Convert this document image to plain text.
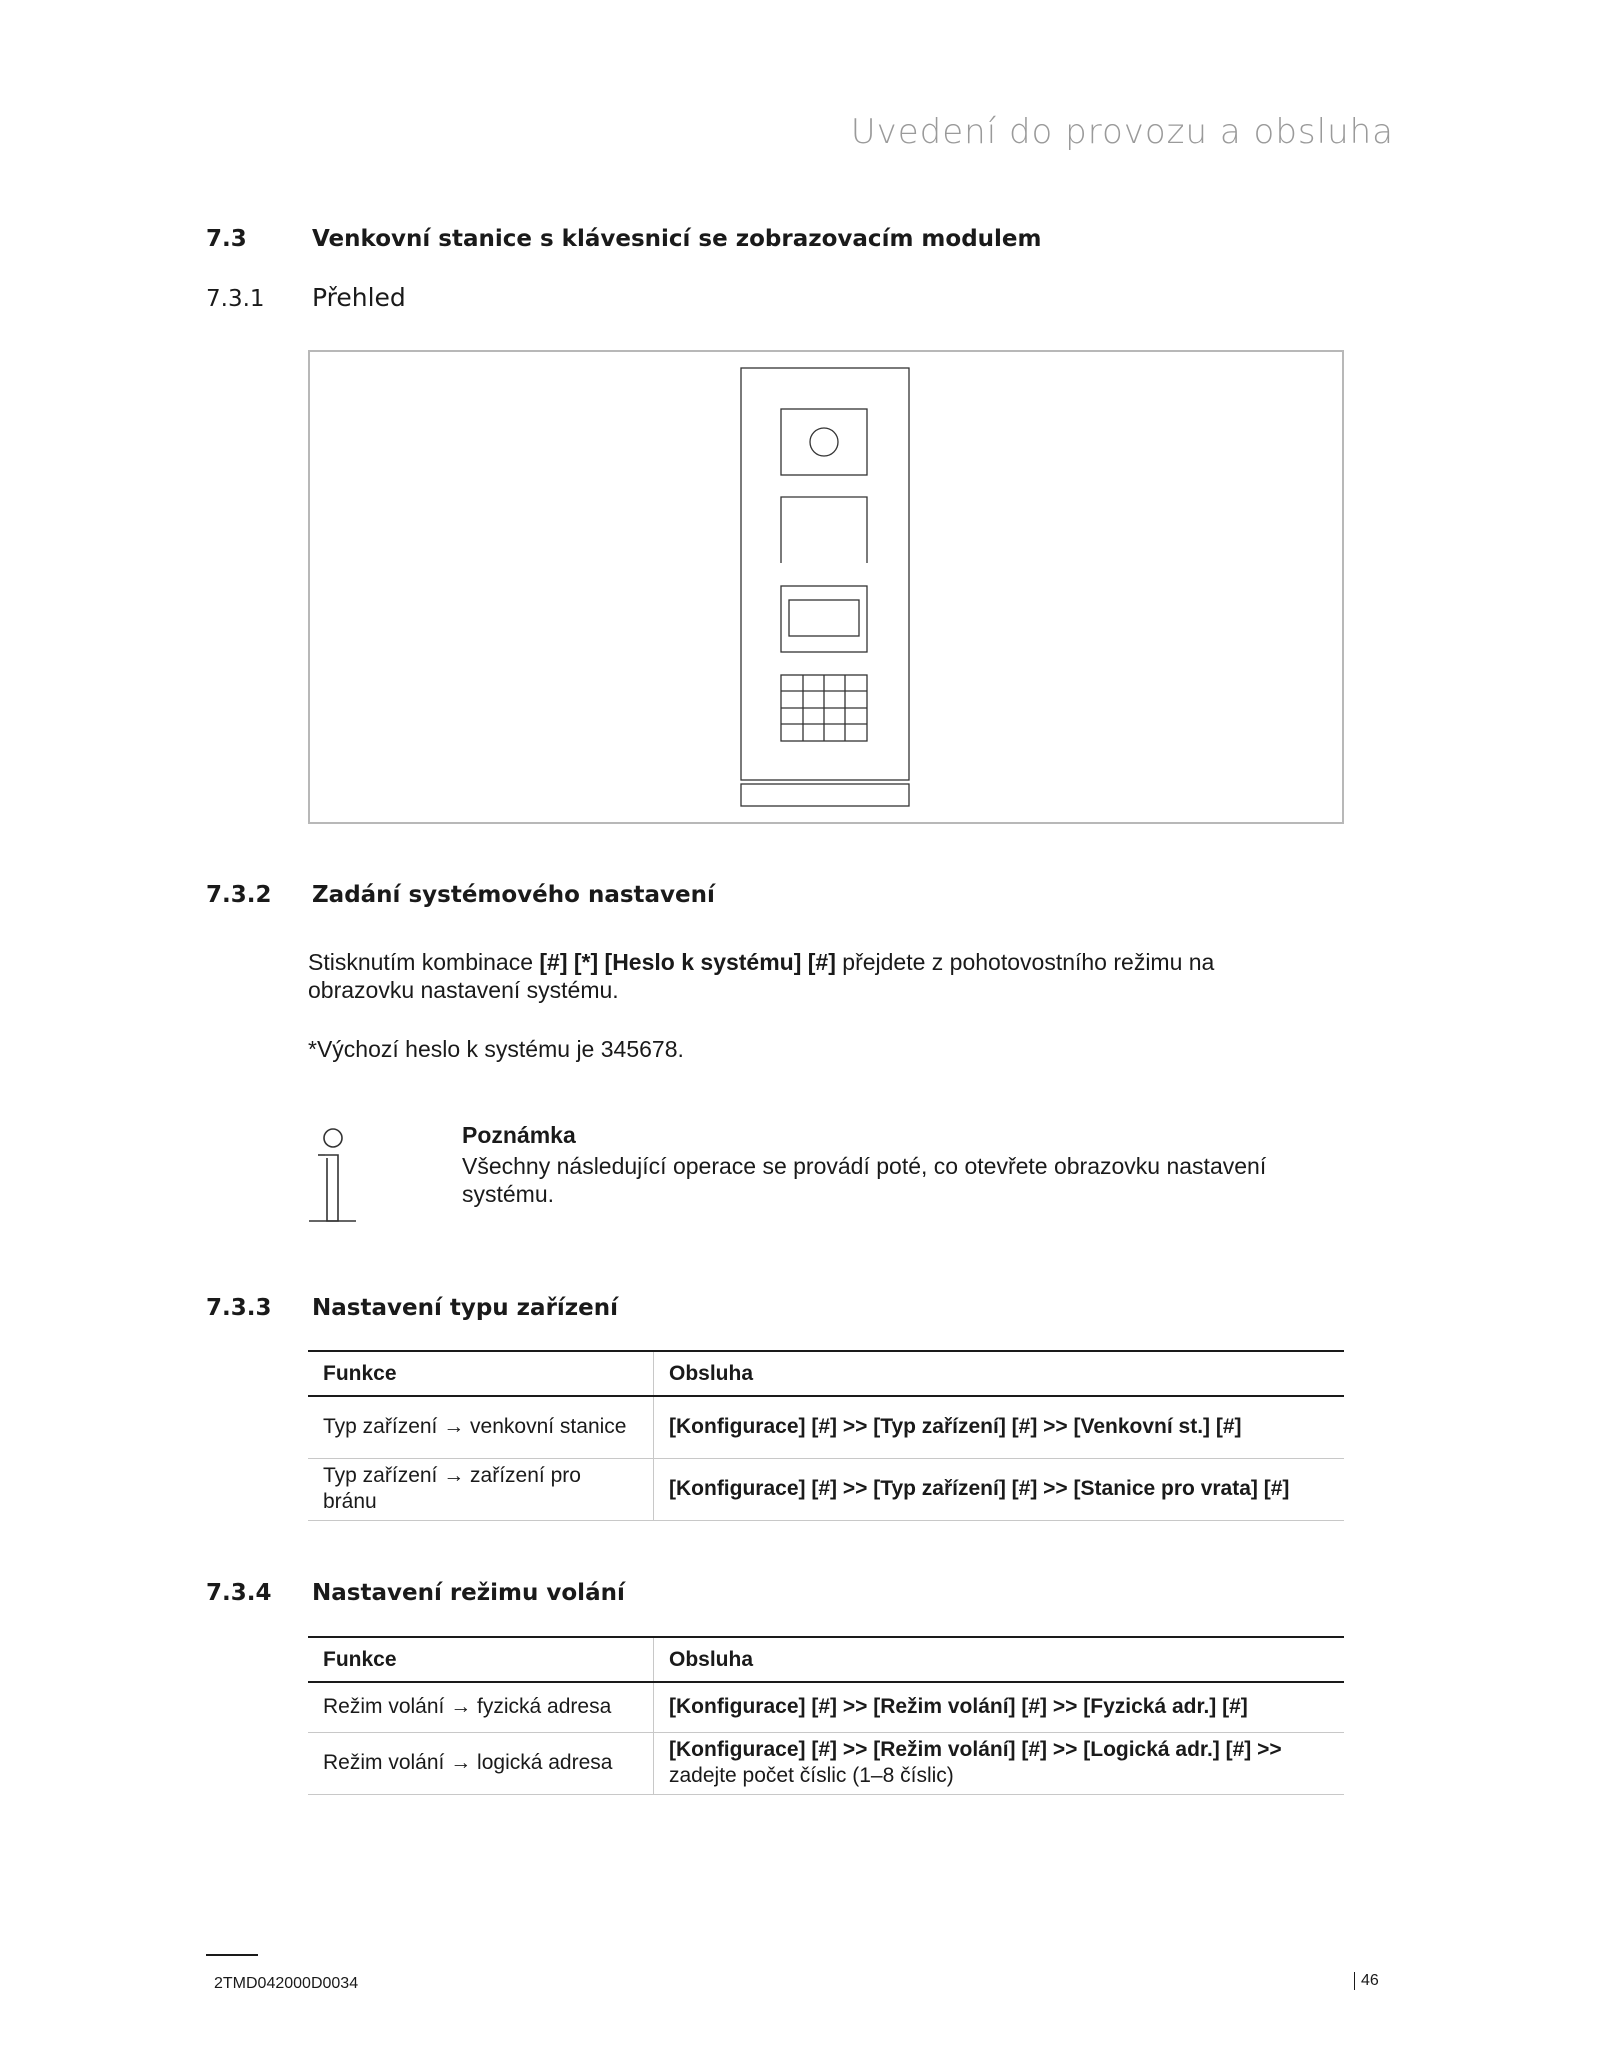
Uvedení do provozu a obsluha
7.3	Venkovní stanice s klávesnicí se zobrazovacím modulem
7.3.1 Přehled
7.3.2 Zadání systémového nastavení
Stisknutím kombinace [#] [*] [Heslo k systému] [#] přejdete z pohotovostního režimu na obrazovku nastavení systému.
*Výchozí heslo k systému je 345678.
Poznámka
Všechny následující operace se provádí poté, co otevřete obrazovku nastavení systému.
7.3.3 Nastavení typu zařízení
Funkce	Obsluha
Typ zařízení → venkovní stanice	[Konfigurace] [#] >> [Typ zařízení] [#] >> [Venkovní st.] [#]
Typ zařízení → zařízení pro bránu	[Konfigurace] [#] >> [Typ zařízení] [#] >> [Stanice pro vrata] [#]
7.3.4 Nastavení režimu volání
Funkce	Obsluha
Režim volání → fyzická adresa	[Konfigurace] [#] >> [Režim volání] [#] >> [Fyzická adr.] [#]
Režim volání → logická adresa	[Konfigurace] [#] >> [Režim volání] [#] >> [Logická adr.] [#] >>
zadejte počet číslic (1–8 číslic)
2TMD042000D0034	46
